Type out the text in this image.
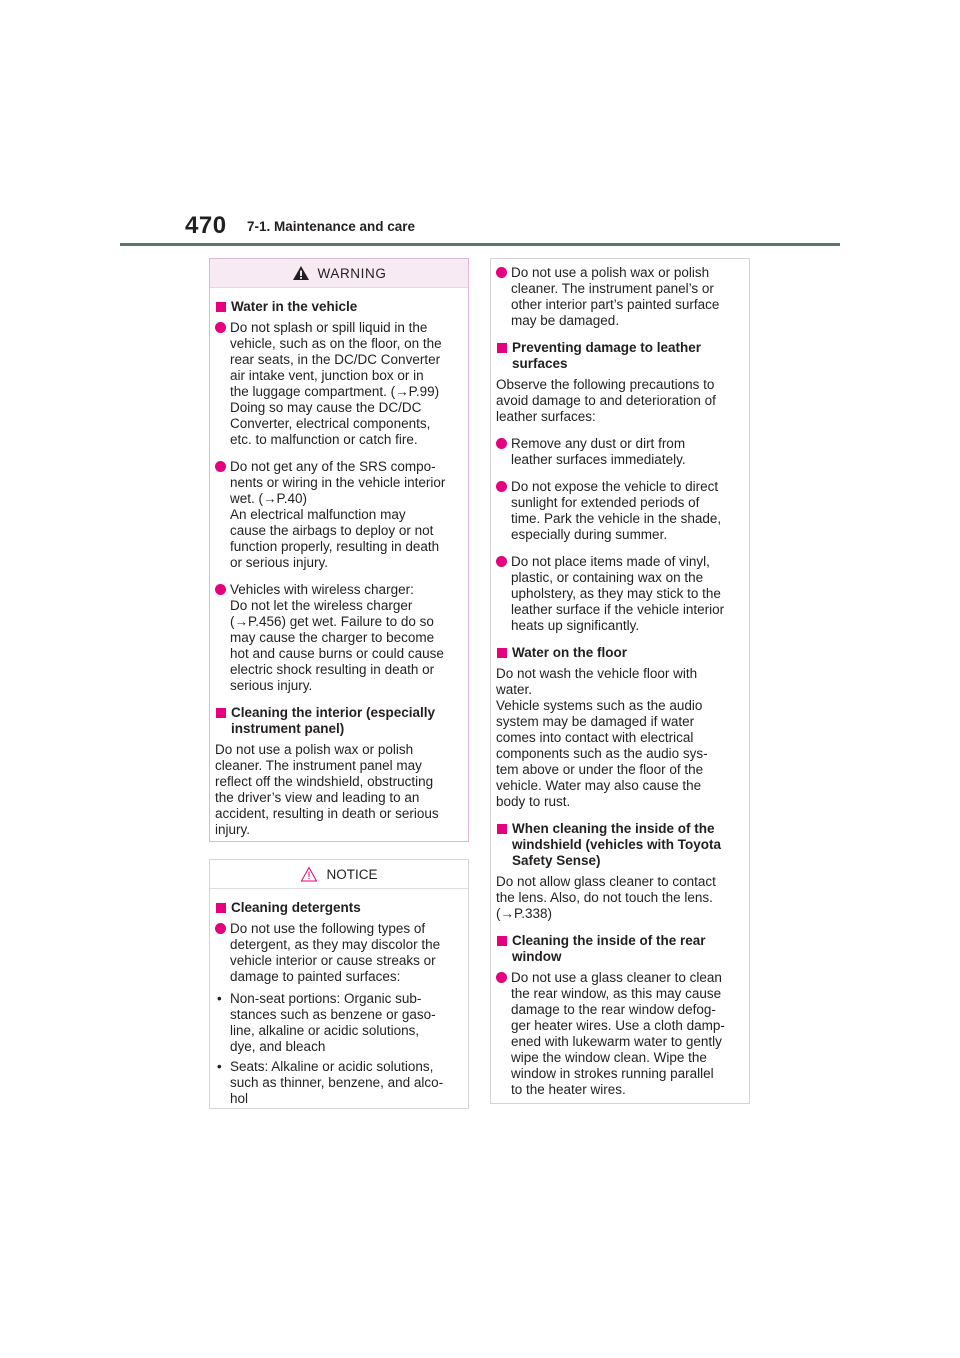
470 7-1. Maintenance and care
WARNING
Water in the vehicle
Do not splash or spill liquid in the
vehicle, such as on the floor, on the
rear seats, in the DC/DC Converter
air intake vent, junction box or in
the luggage compartment. (→P.99)
Doing so may cause the DC/DC
Converter, electrical components,
etc. to malfunction or catch fire.
Do not get any of the SRS compo-
nents or wiring in the vehicle interior
wet. (→P.40)
An electrical malfunction may
cause the airbags to deploy or not
function properly, resulting in death
or serious injury.
Vehicles with wireless charger:
Do not let the wireless charger
(→P.456) get wet. Failure to do so
may cause the charger to become
hot and cause burns or could cause
electric shock resulting in death or
serious injury.
Cleaning the interior (especially
instrument panel)
Do not use a polish wax or polish
cleaner. The instrument panel may
reflect off the windshield, obstructing
the driver’s view and leading to an
accident, resulting in death or serious
injury.
NOTICE
Cleaning detergents
Do not use the following types of
detergent, as they may discolor the
vehicle interior or cause streaks or
damage to painted surfaces:
• Non-seat portions: Organic sub-
stances such as benzene or gaso-
line, alkaline or acidic solutions,
dye, and bleach
• Seats: Alkaline or acidic solutions,
such as thinner, benzene, and alco-
hol
Do not use a polish wax or polish
cleaner. The instrument panel’s or
other interior part’s painted surface
may be damaged.
Preventing damage to leather
surfaces
Observe the following precautions to
avoid damage to and deterioration of
leather surfaces:
Remove any dust or dirt from
leather surfaces immediately.
Do not expose the vehicle to direct
sunlight for extended periods of
time. Park the vehicle in the shade,
especially during summer.
Do not place items made of vinyl,
plastic, or containing wax on the
upholstery, as they may stick to the
leather surface if the vehicle interior
heats up significantly.
Water on the floor
Do not wash the vehicle floor with
water.
Vehicle systems such as the audio
system may be damaged if water
comes into contact with electrical
components such as the audio sys-
tem above or under the floor of the
vehicle. Water may also cause the
body to rust.
When cleaning the inside of the
windshield (vehicles with Toyota
Safety Sense)
Do not allow glass cleaner to contact
the lens. Also, do not touch the lens.
(→P.338)
Cleaning the inside of the rear
window
Do not use a glass cleaner to clean
the rear window, as this may cause
damage to the rear window defog-
ger heater wires. Use a cloth damp-
ened with lukewarm water to gently
wipe the window clean. Wipe the
window in strokes running parallel
to the heater wires.
